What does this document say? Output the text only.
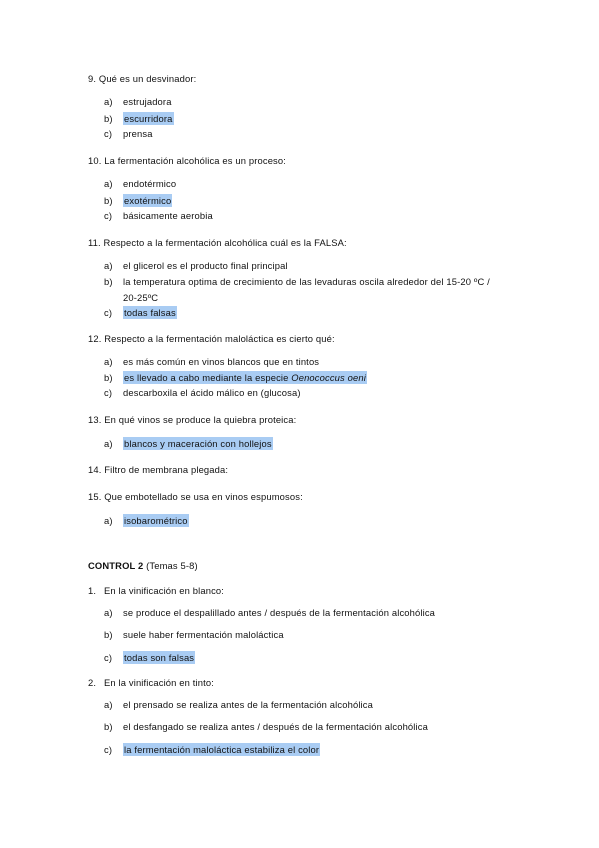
9. Qué es un desvinador:
a) estrujadora
b) escurridora
c) prensa
10. La fermentación alcohólica es un proceso:
a) endotérmico
b) exotérmico
c) básicamente aerobia
11. Respecto a la fermentación alcohólica cuál es la FALSA:
a) el glicerol es el producto final principal
b) la temperatura optima de crecimiento de las levaduras oscila alrededor del 15-20 ºC /
20-25ºC
c) todas falsas
12. Respecto a la fermentación maloláctica es cierto qué:
a) es más común en vinos blancos que en tintos
b) es llevado a cabo mediante la especie Oenococcus oeni
c) descarboxila el ácido málico en (glucosa)
13. En qué vinos se produce la quiebra proteica:
a) blancos y maceración con hollejos
14. Filtro de membrana plegada:
15. Que embotellado se usa en vinos espumosos:
a) isobarométrico
CONTROL 2 (Temas 5-8)
1. En la vinificación en blanco:
a) se produce el despalillado antes / después de la fermentación alcohólica
b) suele haber fermentación maloláctica
c) todas son falsas
2. En la vinificación en tinto:
a) el prensado se realiza antes de la fermentación alcohólica
b) el desfangado se realiza antes / después de la fermentación alcohólica
c) la fermentación maloláctica estabiliza el color
